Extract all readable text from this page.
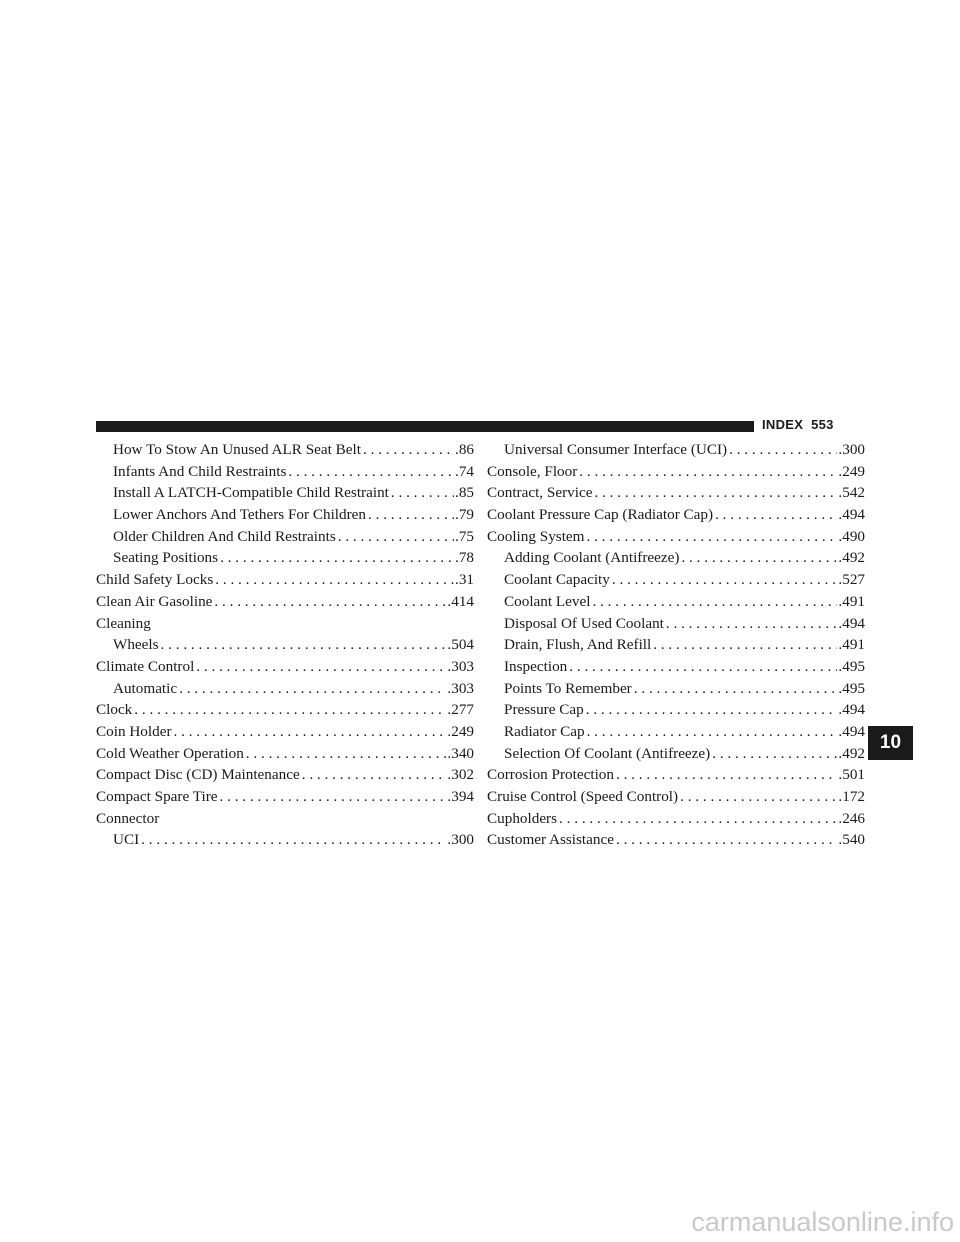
INDEX 553
How To Stow An Unused ALR Seat Belt . . .	.86
Infants And Child Restraints . . .	.74
Install A LATCH-Compatible Child Restraint . . .	.85
Lower Anchors And Tethers For Children . . .	.79
Older Children And Child Restraints . . .	.75
Seating Positions . . .	.78
Child Safety Locks . . .	.31
Clean Air Gasoline . . .	.414
Cleaning
Wheels . . .	.504
Climate Control . . .	.303
Automatic . . .	.303
Clock . . .	.277
Coin Holder . . .	.249
Cold Weather Operation . . .	.340
Compact Disc (CD) Maintenance . . .	.302
Compact Spare Tire . . .	.394
Connector
UCI . . .	.300
Universal Consumer Interface (UCI) . . .	.300
Console, Floor . . .	.249
Contract, Service . . .	.542
Coolant Pressure Cap (Radiator Cap) . . .	.494
Cooling System . . .	.490
Adding Coolant (Antifreeze) . . .	.492
Coolant Capacity . . .	.527
Coolant Level . . .	.491
Disposal Of Used Coolant . . .	.494
Drain, Flush, And Refill . . .	.491
Inspection . . .	.495
Points To Remember . . .	.495
Pressure Cap . . .	.494
Radiator Cap . . .	.494
Selection Of Coolant (Antifreeze) . . .	.492
Corrosion Protection . . .	.501
Cruise Control (Speed Control) . . .	.172
Cupholders . . .	.246
Customer Assistance . . .	.540
10
carmanualsonline.info
